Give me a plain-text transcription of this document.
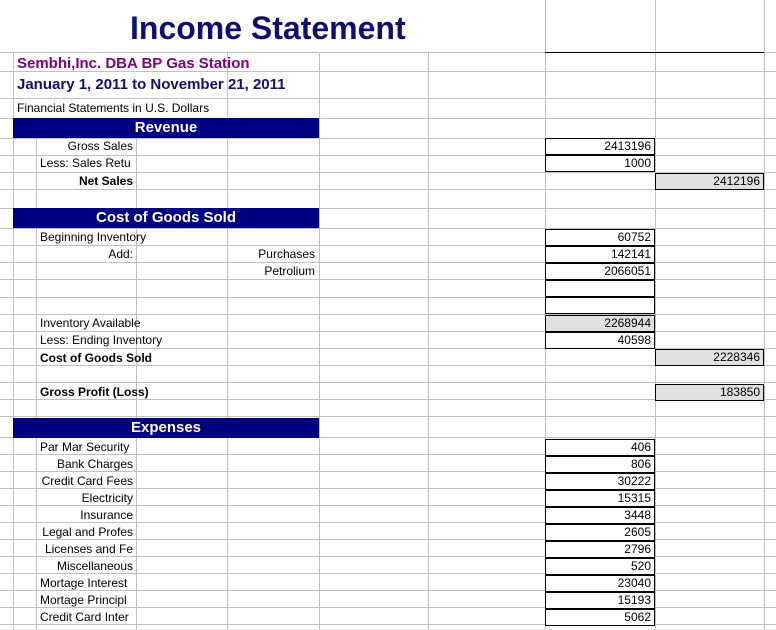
Income Statement
Sembhi,Inc. DBA BP Gas Station
January 1, 2011 to November 21, 2011
Financial Statements in U.S. Dollars
Revenue
Gross Sales	2413196
Less: Sales Retu	1000
Net Sales	2412196
Cost of Goods Sold
Beginning Inventory	60752
Add:	Purchases	142141
Petrolium	2066051
Inventory Available	2268944
Less: Ending Inventory	40598
Cost of Goods Sold	2228346
Gross Profit (Loss)	183850
Expenses
Par Mar Security	406
Bank Charges	806
Credit Card Fees	30222
Electricity	15315
Insurance	3448
Legal and Profes	2605
Licenses and Fe	2796
Miscellaneous	520
Mortage Interest	23040
Mortage Principl	15193
Credit Card Inter	5062
